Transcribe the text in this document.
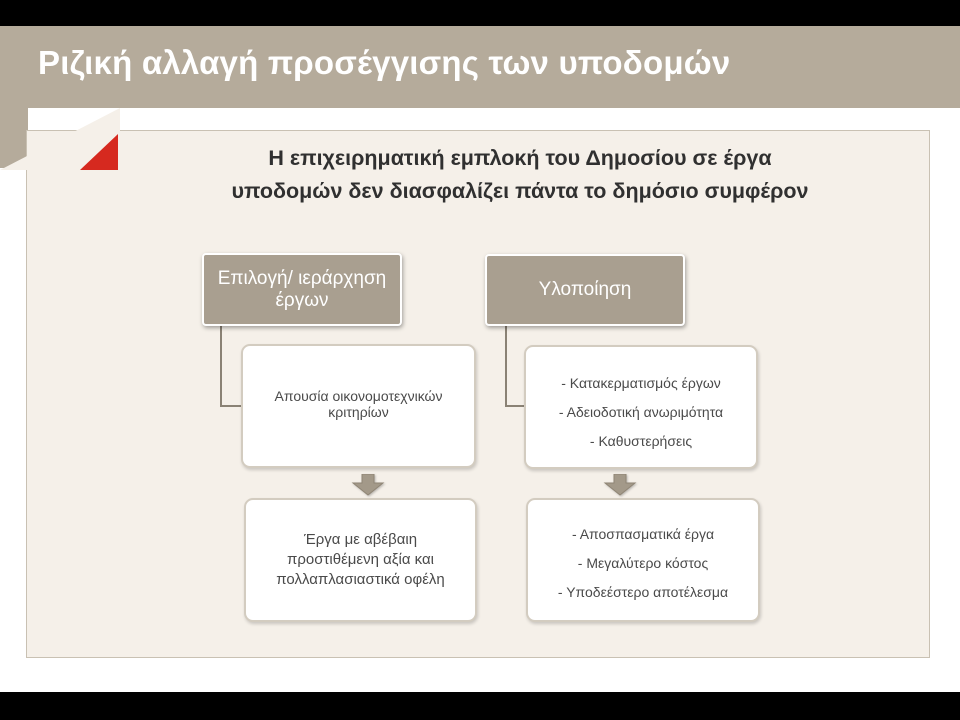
Ριζική αλλαγή προσέγγισης των υποδομών
Η επιχειρηματική εμπλοκή του Δημοσίου σε έργα
υποδομών δεν διασφαλίζει πάντα το δημόσιο συμφέρον
Επιλογή/ ιεράρχηση
έργων
Απουσία οικονομοτεχνικών
κριτηρίων
Έργα με αβέβαιη
προστιθέμενη αξία και
πολλαπλασιαστικά οφέλη
Υλοποίηση
- Κατακερματισμός έργων
- Αδειοδοτική ανωριμότητα
- Καθυστερήσεις
- Αποσπασματικά έργα
- Μεγαλύτερο κόστος
- Υποδεέστερο αποτέλεσμα
